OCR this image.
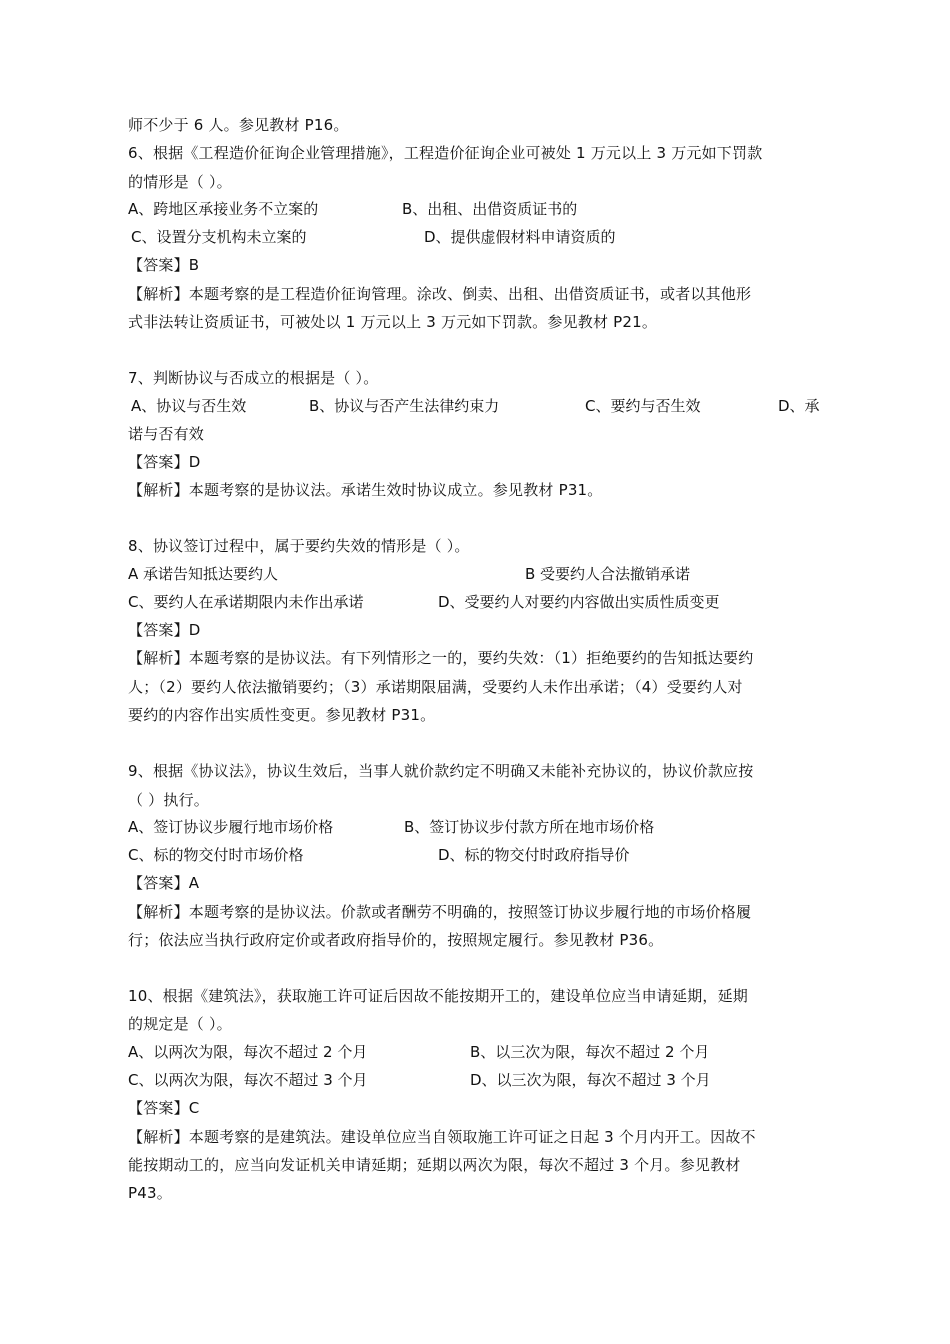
师不少于 6 人。参见教材 P16。
6、根据《工程造价征询企业管理措施》，工程造价征询企业可被处 1 万元以上 3 万元如下罚款
的情形是（ ）。
A、跨地区承接业务不立案的	B、出租、出借资质证书的
C、设置分支机构未立案的	D、提供虚假材料申请资质的
【答案】B
【解析】本题考察的是工程造价征询管理。涂改、倒卖、出租、出借资质证书，或者以其他形
式非法转让资质证书，可被处以 1 万元以上 3 万元如下罚款。参见教材 P21。
7、判断协议与否成立的根据是（ ）。
A、协议与否生效	B、协议与否产生法律约束力	C、要约与否生效	D、承
诺与否有效
【答案】D
【解析】本题考察的是协议法。承诺生效时协议成立。参见教材 P31。
8、协议签订过程中，属于要约失效的情形是（ ）。
A 承诺告知抵达要约人	B 受要约人合法撤销承诺
C、要约人在承诺期限内未作出承诺	D、受要约人对要约内容做出实质性质变更
【答案】D
【解析】本题考察的是协议法。有下列情形之一的，要约失效：（1）拒绝要约的告知抵达要约
人；（2）要约人依法撤销要约；（3）承诺期限届满，受要约人未作出承诺；（4）受要约人对
要约的内容作出实质性变更。参见教材 P31。
9、根据《协议法》，协议生效后，当事人就价款约定不明确又未能补充协议的，协议价款应按
（ ）执行。
A、签订协议步履行地市场价格	B、签订协议步付款方所在地市场价格
C、标的物交付时市场价格	D、标的物交付时政府指导价
【答案】A
【解析】本题考察的是协议法。价款或者酬劳不明确的，按照签订协议步履行地的市场价格履
行；依法应当执行政府定价或者政府指导价的，按照规定履行。参见教材 P36。
10、根据《建筑法》，获取施工许可证后因故不能按期开工的，建设单位应当申请延期，延期
的规定是（ ）。
A、以两次为限，每次不超过 2 个月	B、以三次为限，每次不超过 2 个月
C、以两次为限，每次不超过 3 个月	D、以三次为限，每次不超过 3 个月
【答案】C
【解析】本题考察的是建筑法。建设单位应当自领取施工许可证之日起 3 个月内开工。因故不
能按期动工的，应当向发证机关申请延期；延期以两次为限，每次不超过 3 个月。参见教材
P43。
